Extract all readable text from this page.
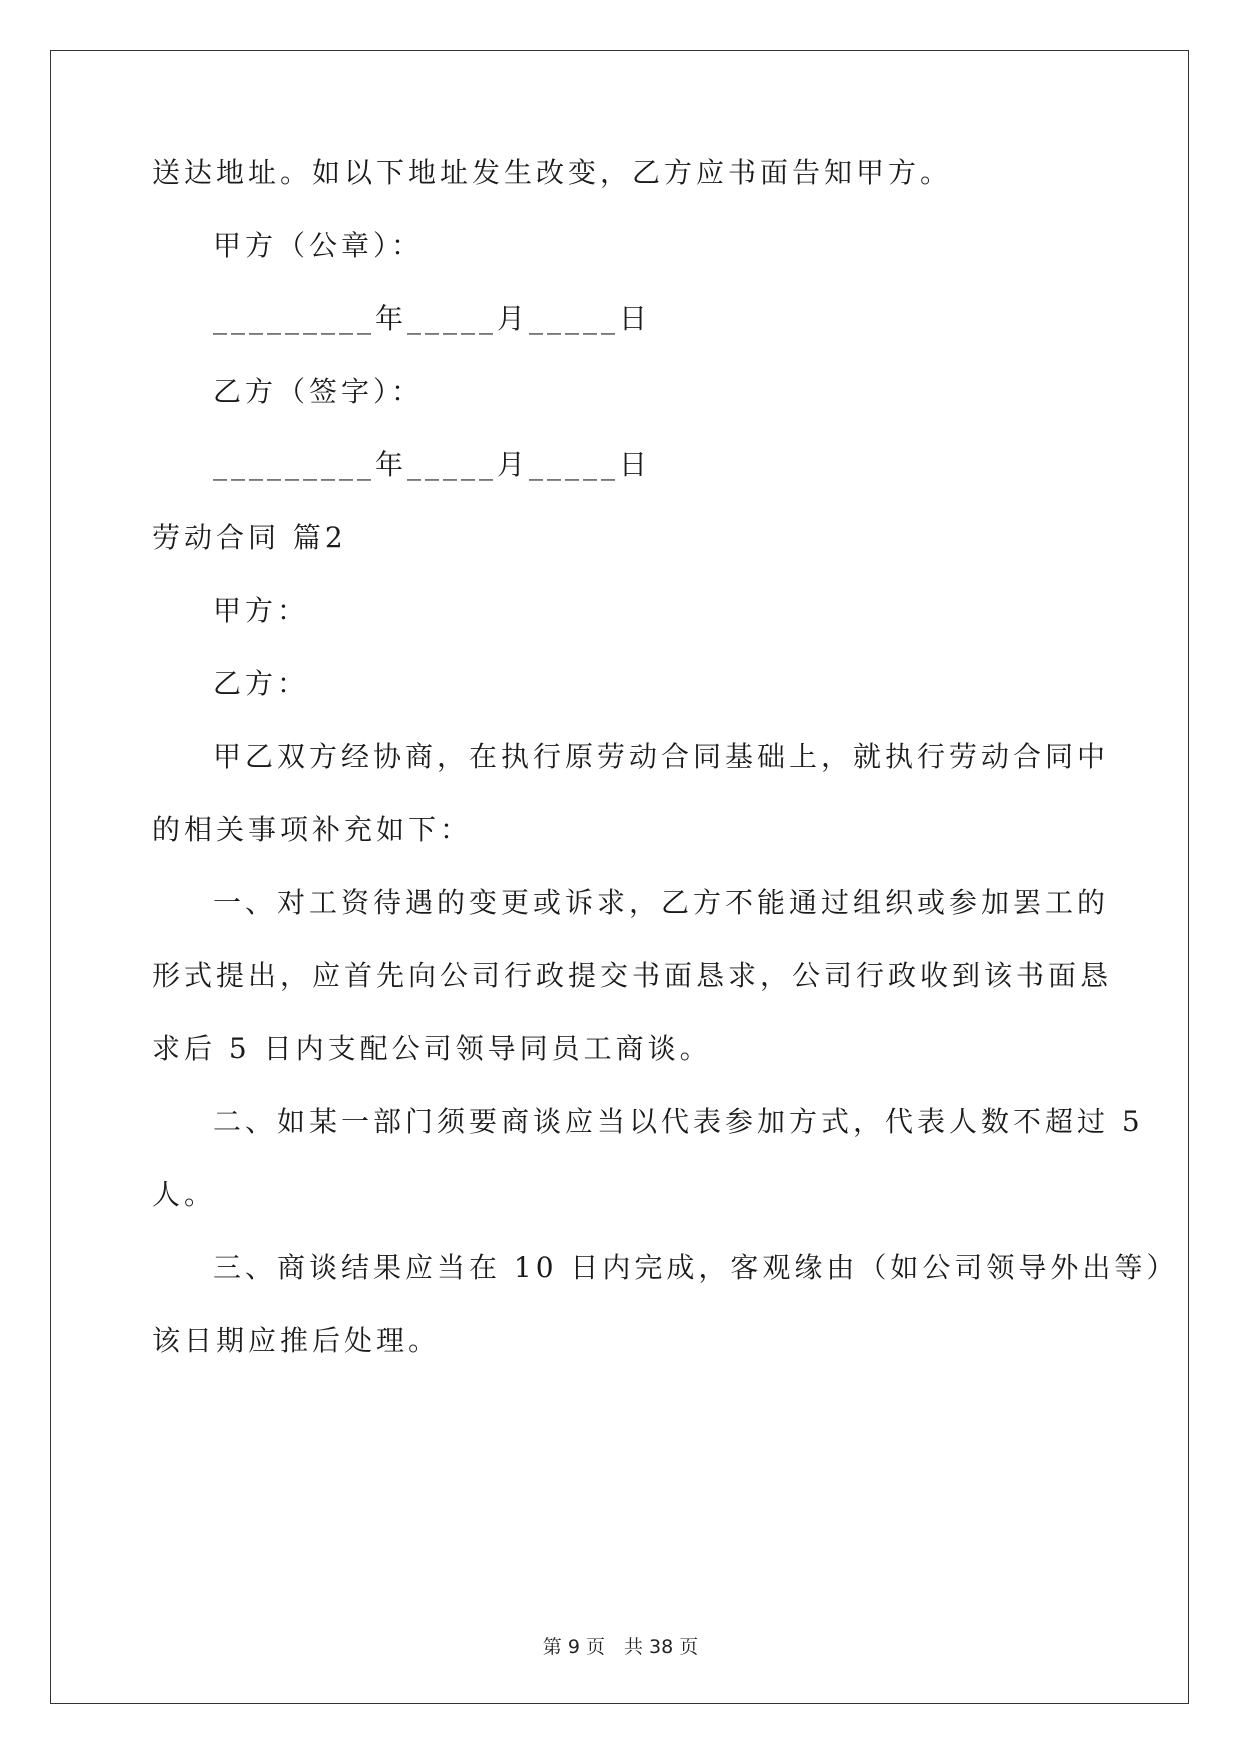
送达地址。如以下地址发生改变，乙方应书面告知甲方。
甲方（公章）：
_________年_____月_____日
乙方（签字）：
_________年_____月_____日
劳动合同 篇2
甲方：
乙方：
甲乙双方经协商，在执行原劳动合同基础上，就执行劳动合同中
的相关事项补充如下：
一、对工资待遇的变更或诉求，乙方不能通过组织或参加罢工的
形式提出，应首先向公司行政提交书面恳求，公司行政收到该书面恳
求后 5 日内支配公司领导同员工商谈。
二、如某一部门须要商谈应当以代表参加方式，代表人数不超过 5
人。
三、商谈结果应当在 10 日内完成，客观缘由（如公司领导外出等）
该日期应推后处理。
第 9 页　共 38 页
